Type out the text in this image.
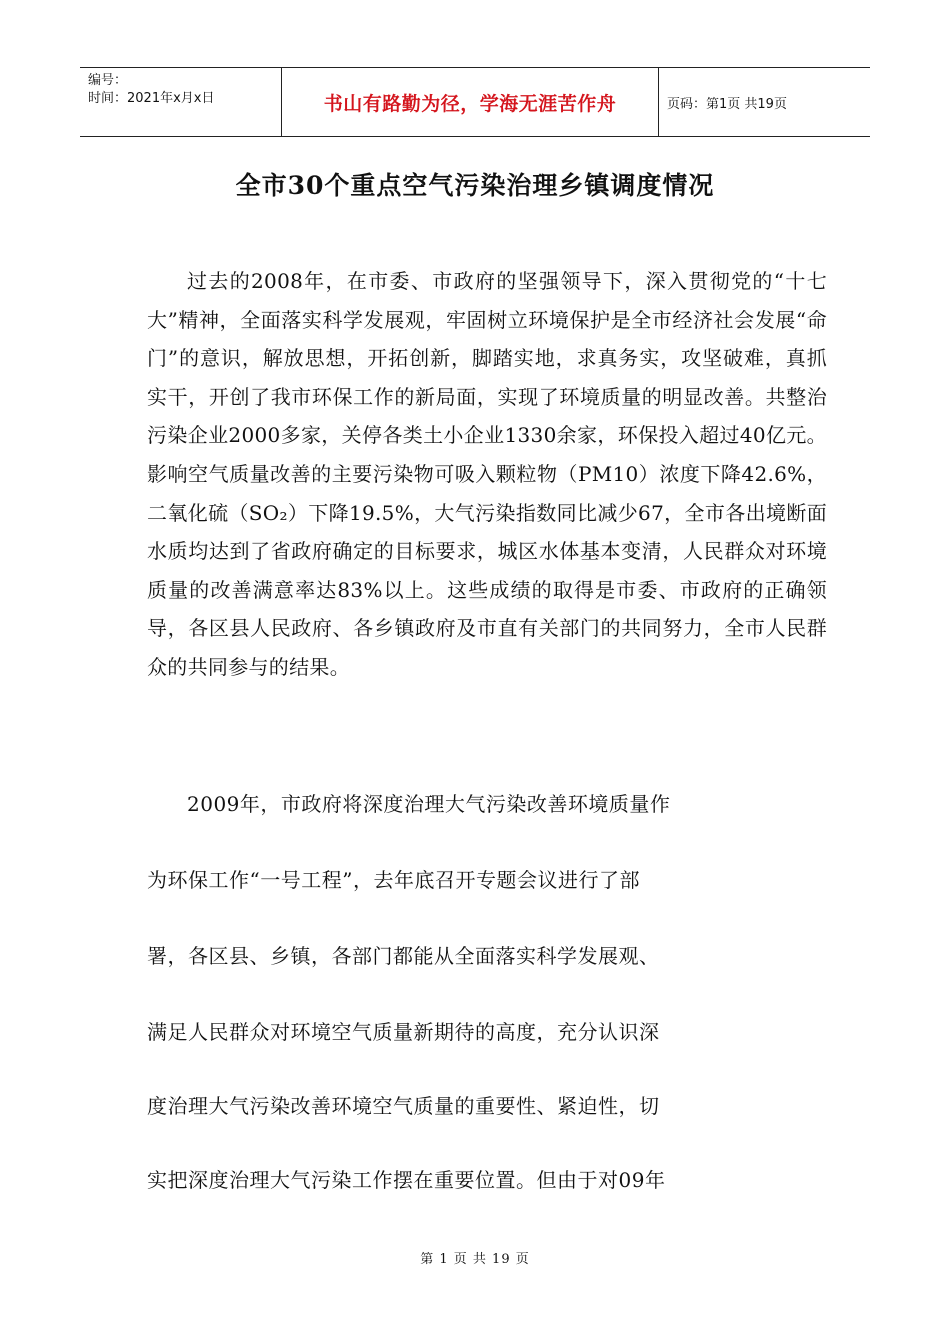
编号：
时间：2021年x月x日	书山有路勤为径，学海无涯苦作舟	页码：第1页 共19页
全市30个重点空气污染治理乡镇调度情况

过去的2008年，在市委、市政府的坚强领导下，深入贯彻党的“十七大”精神，全面落实科学发展观，牢固树立环境保护是全市经济社会发展“命门”的意识，解放思想，开拓创新，脚踏实地，求真务实，攻坚破难，真抓实干，开创了我市环保工作的新局面，实现了环境质量的明显改善。共整治污染企业2000多家，关停各类土小企业1330余家，环保投入超过40亿元。影响空气质量改善的主要污染物可吸入颗粒物（PM10）浓度下降42.6%，二氧化硫（SO₂）下降19.5%，大气污染指数同比减少67，全市各出境断面水质均达到了省政府确定的目标要求，城区水体基本变清，人民群众对环境质量的改善满意率达83%以上。这些成绩的取得是市委、市政府的正确领导，各区县人民政府、各乡镇政府及市直有关部门的共同努力，全市人民群众的共同参与的结果。

2009年，市政府将深度治理大气污染改善环境质量作
为环保工作“一号工程”，去年底召开专题会议进行了部
署，各区县、乡镇，各部门都能从全面落实科学发展观、
满足人民群众对环境空气质量新期待的高度，充分认识深
度治理大气污染改善环境空气质量的重要性、紧迫性，切
实把深度治理大气污染工作摆在重要位置。但由于对09年
第 1 页 共 19 页
